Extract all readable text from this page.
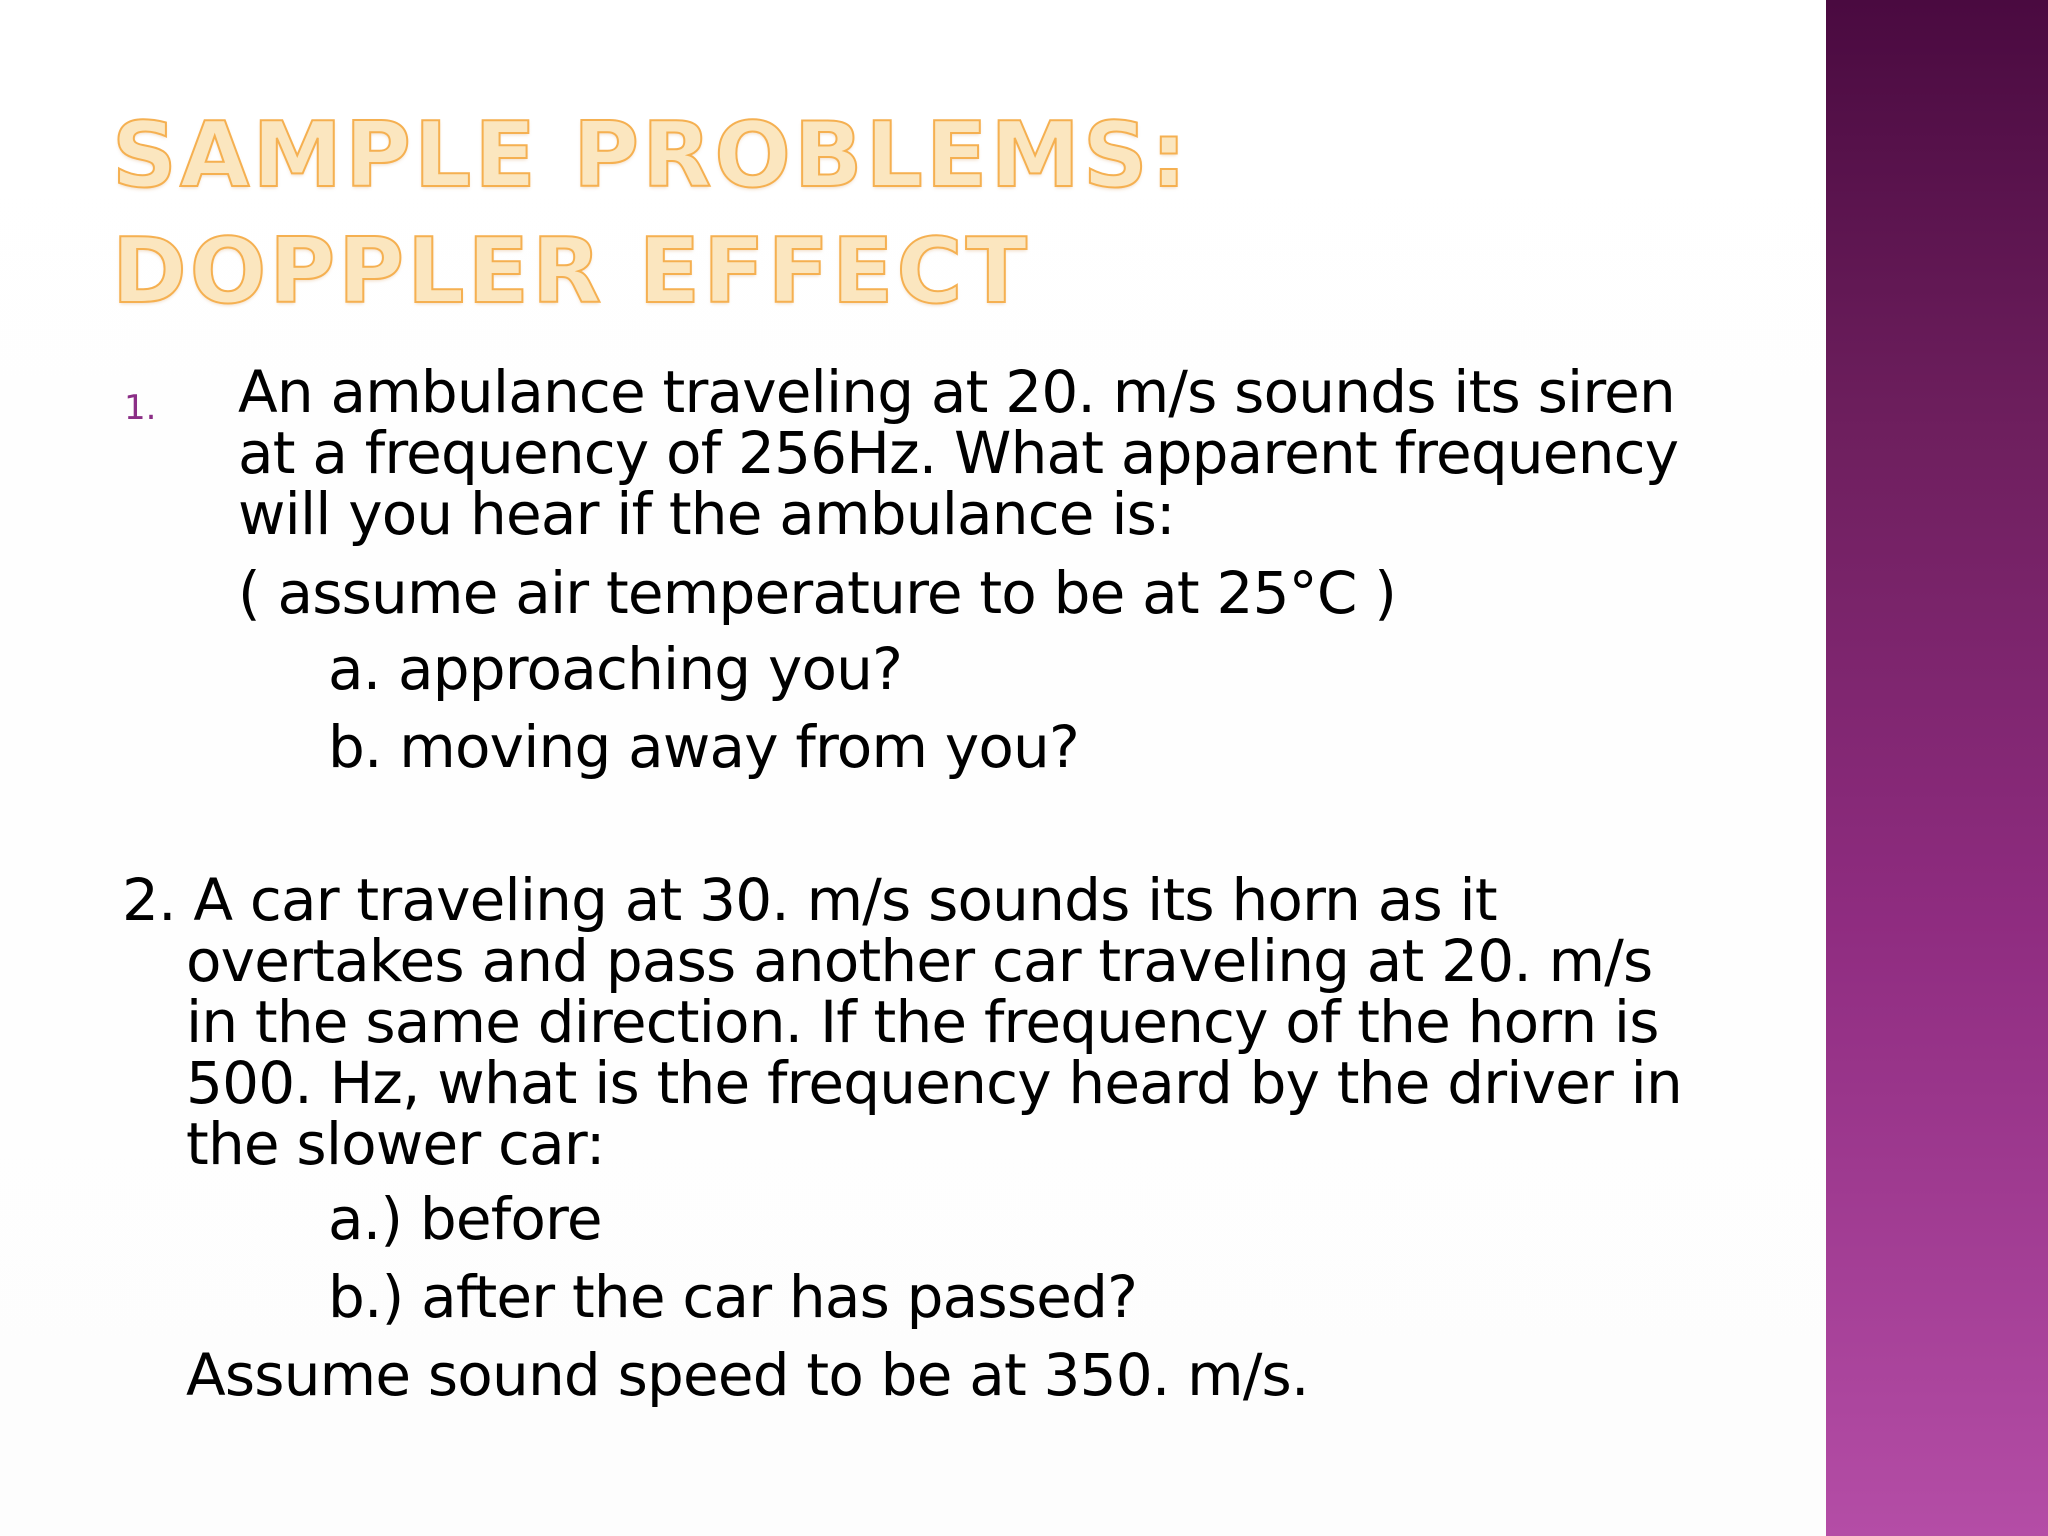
SAMPLE PROBLEMS:
DOPPLER EFFECT
1. An ambulance traveling at 20. m/s sounds its siren
at a frequency of 256Hz. What apparent frequency
will you hear if the ambulance is:

( assume air temperature to be at 25°C )

a. approaching you?

b. moving away from you?

2. A car traveling at 30. m/s sounds its horn as it
overtakes and pass another car traveling at 20. m/s
in the same direction. If the frequency of the horn is
500. Hz, what is the frequency heard by the driver in
the slower car:

a.) before

b.) after the car has passed?

Assume sound speed to be at 350. m/s.
